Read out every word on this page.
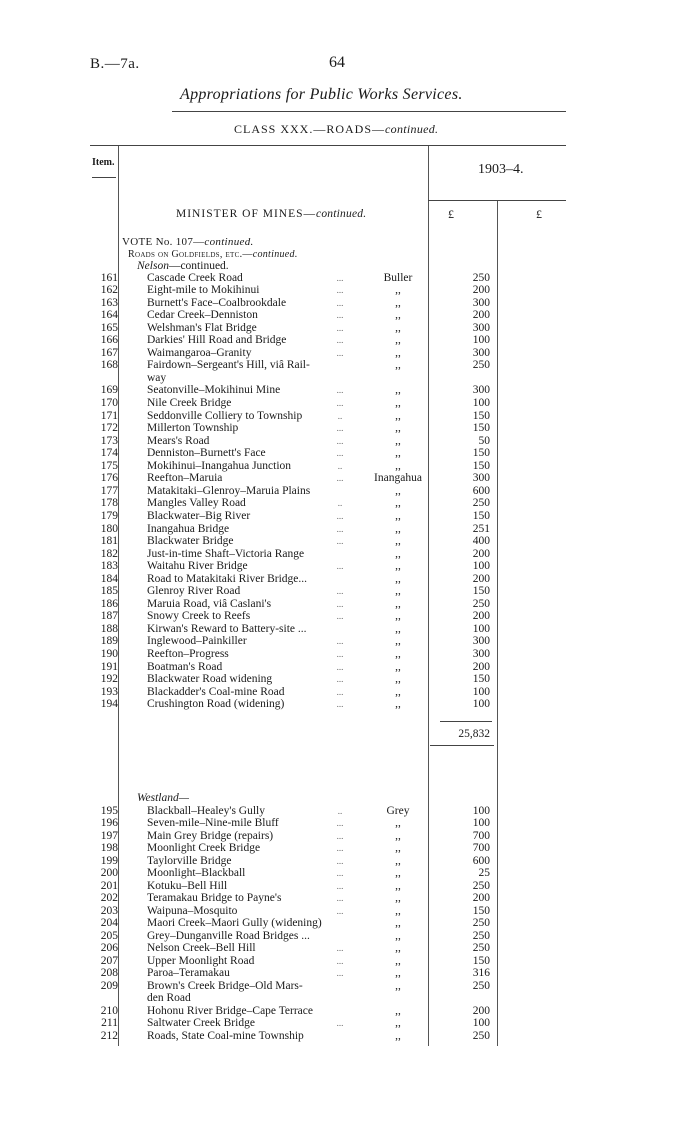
B.—7a.	64
Appropriations for Public Works Services.
CLASS XXX.—ROADS—continued.
Item.	1903–4.
MINISTER OF MINES—continued.	£	£
VOTE No. 107—continued.
Roads on Goldfields, etc.—continued.
Nelson—continued.
161	Cascade Creek Road	...	Buller	250
162	Eight-mile to Mokihinui	...	,,	200
163	Burnett's Face–Coalbrookdale	...	,,	300
164	Cedar Creek–Denniston	...	,,	200
165	Welshman's Flat Bridge	...	,,	300
166	Darkies' Hill Road and Bridge	...	,,	100
167	Waimangaroa–Granity	...	,,	300
168	Fairdown–Sergeant's Hill, viâ Rail-	,,	250
way
169	Seatonville–Mokihinui Mine	...	,,	300
170	Nile Creek Bridge	...	,,	100
171	Seddonville Colliery to Township	..	,,	150
172	Millerton Township	...	,,	150
173	Mears's Road	...	,,	50
174	Denniston–Burnett's Face	...	,,	150
175	Mokihinui–Inangahua Junction	..	,,	150
176	Reefton–Maruia	...	Inangahua	300
177	Matakitaki–Glenroy–Maruia Plains	,,	600
178	Mangles Valley Road	..	,,	250
179	Blackwater–Big River	...	,,	150
180	Inangahua Bridge	...	,,	251
181	Blackwater Bridge	...	,,	400
182	Just-in-time Shaft–Victoria Range	,,	200
183	Waitahu River Bridge	...	,,	100
184	Road to Matakitaki River Bridge...	,,	200
185	Glenroy River Road	...	,,	150
186	Maruia Road, viâ Caslani's	...	,,	250
187	Snowy Creek to Reefs	...	,,	200
188	Kirwan's Reward to Battery-site ...	,,	100
189	Inglewood–Painkiller	...	,,	300
190	Reefton–Progress	...	,,	300
191	Boatman's Road	...	,,	200
192	Blackwater Road widening	...	,,	150
193	Blackadder's Coal-mine Road	...	,,	100
194	Crushington Road (widening)	...	,,	100
25,832
Westland—
195	Blackball–Healey's Gully	..	Grey	100
196	Seven-mile–Nine-mile Bluff	...	,,	100
197	Main Grey Bridge (repairs)	...	,,	700
198	Moonlight Creek Bridge	...	,,	700
199	Taylorville Bridge	...	,,	600
200	Moonlight–Blackball	...	,,	25
201	Kotuku–Bell Hill	...	,,	250
202	Teramakau Bridge to Payne's	...	,,	200
203	Waipuna–Mosquito	...	,,	150
204	Maori Creek–Maori Gully (widening)	,,	250
205	Grey–Dunganville Road Bridges ...	,,	250
206	Nelson Creek–Bell Hill	...	,,	250
207	Upper Moonlight Road	...	,,	150
208	Paroa–Teramakau	...	,,	316
209	Brown's Creek Bridge–Old Mars-	,,	250
den Road
210	Hohonu River Bridge–Cape Terrace	,,	200
211	Saltwater Creek Bridge	...	,,	100
212	Roads, State Coal-mine Township	,,	250
